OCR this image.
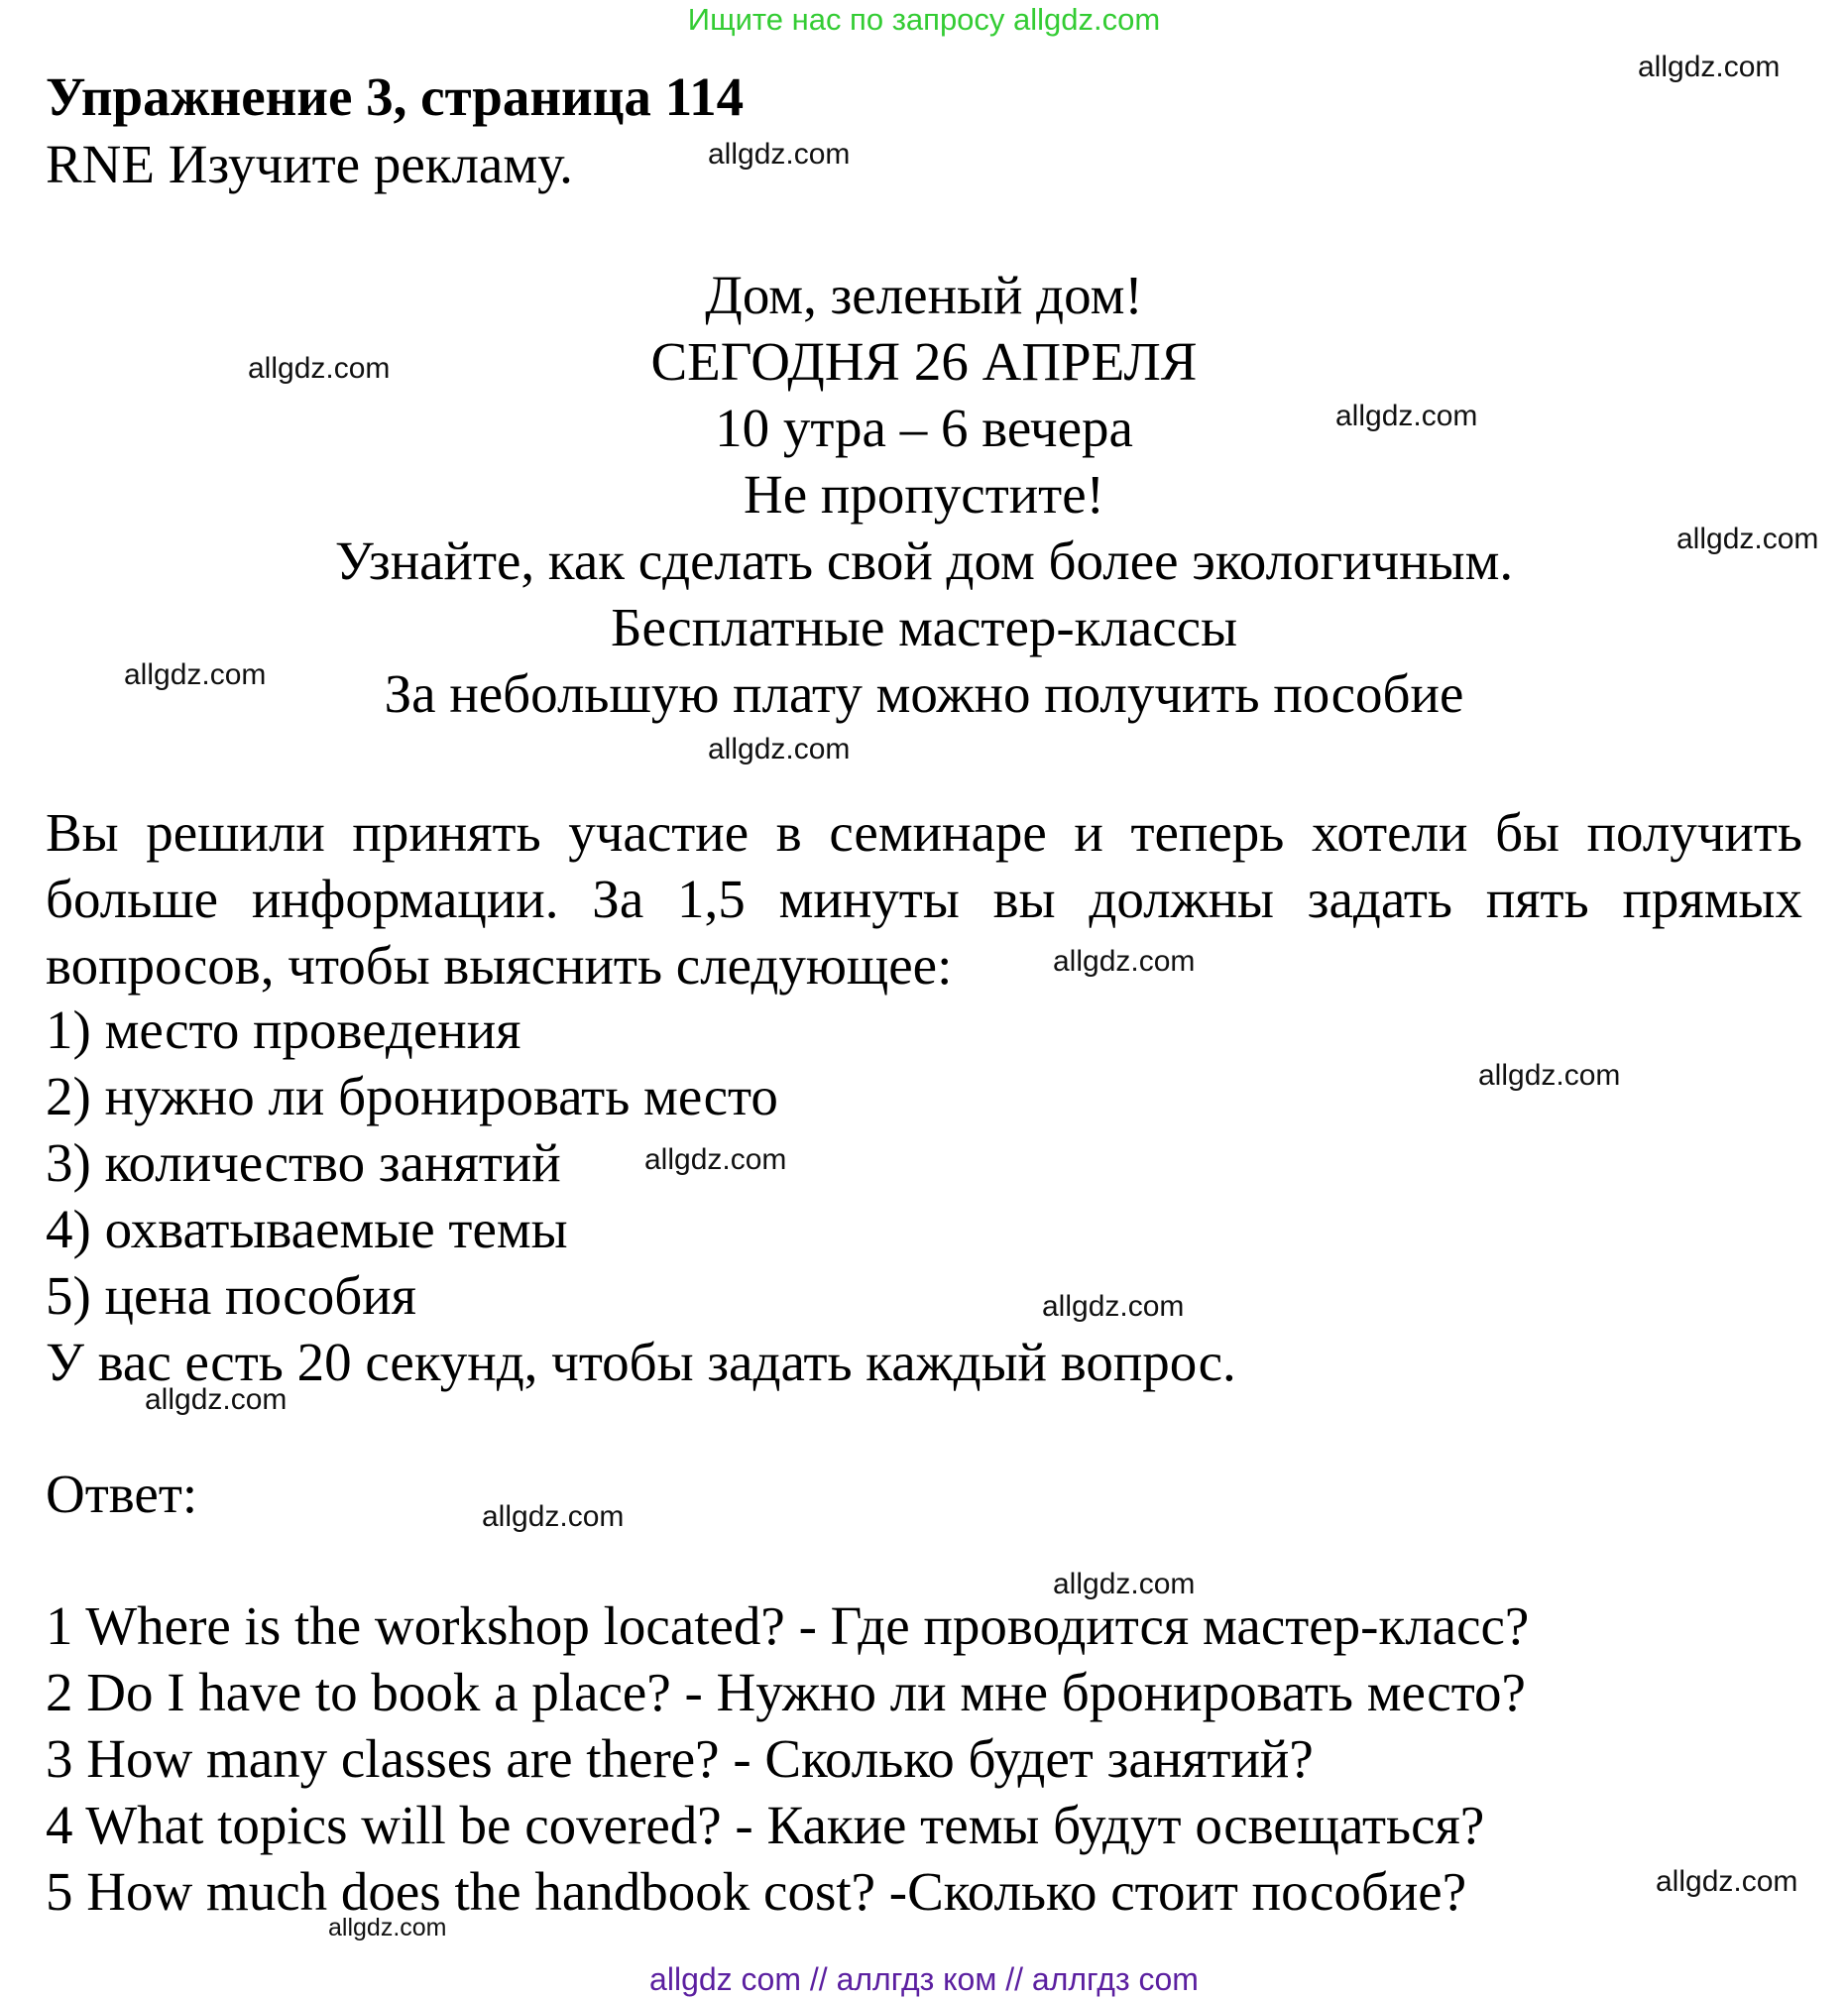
Ищите нас по запросу allgdz.com
Упражнение 3, страница 114
RNE Изучите рекламу.
Дом, зеленый дом!
СЕГОДНЯ 26 АПРЕЛЯ
10 утра – 6 вечера
Не пропустите!
Узнайте, как сделать свой дом более экологичным.
Бесплатные мастер-классы
За небольшую плату можно получить пособие
Вы решили принять участие в семинаре и теперь хотели бы получить больше информации. За 1,5 минуты вы должны задать пять прямых вопросов, чтобы выяснить следующее:
1) место проведения
2) нужно ли бронировать место
3) количество занятий
4) охватываемые темы
5) цена пособия
У вас есть 20 секунд, чтобы задать каждый вопрос.
Ответ:
1 Where is the workshop located? - Где проводится мастер-класс?
2 Do I have to book a place? - Нужно ли мне бронировать место?
3 How many classes are there? - Сколько будет занятий?
4 What topics will be covered? - Какие темы будут освещаться?
5 How much does the handbook cost? -Сколько стоит пособие?
allgdz.com
allgdz.com
allgdz.com
allgdz.com
allgdz.com
allgdz.com
allgdz.com
allgdz.com
allgdz.com
allgdz.com
allgdz.com
allgdz.com
allgdz.com
allgdz.com
allgdz.com
allgdz.com
allgdz com // аллгдз ком // аллгдз com
